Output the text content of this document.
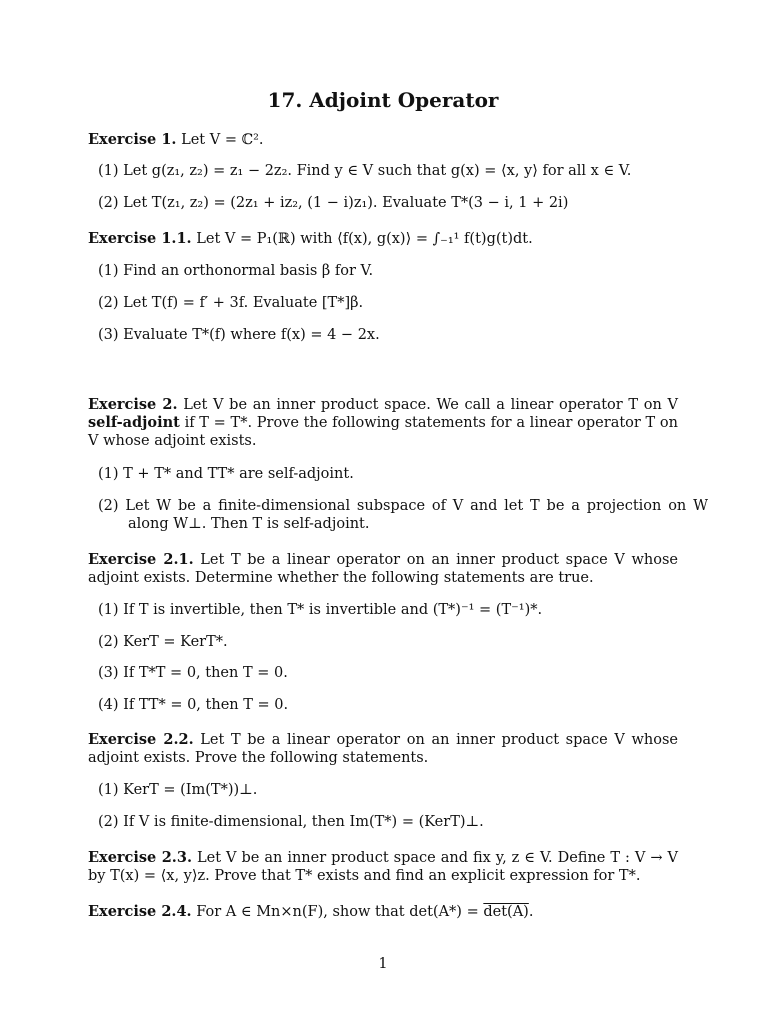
17. Adjoint Operator
Exercise 1. Let V = ℂ².
(1) Let g(z₁, z₂) = z₁ − 2z₂. Find y ∈ V such that g(x) = ⟨x, y⟩ for all x ∈ V.
(2) Let T(z₁, z₂) = (2z₁ + iz₂, (1 − i)z₁). Evaluate T*(3 − i, 1 + 2i)
Exercise 1.1. Let V = P₁(ℝ) with ⟨f(x), g(x)⟩ = ∫₋₁¹ f(t)g(t)dt.
(1) Find an orthonormal basis β for V.
(2) Let T(f) = f′ + 3f. Evaluate [T*]β.
(3) Evaluate T*(f) where f(x) = 4 − 2x.
Exercise 2. Let V be an inner product space. We call a linear operator T on V self-adjoint if T = T*. Prove the following statements for a linear operator T on V whose adjoint exists.
(1) T + T* and TT* are self-adjoint.
(2) Let W be a finite-dimensional subspace of V and let T be a projection on W along W⊥. Then T is self-adjoint.
Exercise 2.1. Let T be a linear operator on an inner product space V whose adjoint exists. Determine whether the following statements are true.
(1) If T is invertible, then T* is invertible and (T*)⁻¹ = (T⁻¹)*.
(2) KerT = KerT*.
(3) If T*T = 0, then T = 0.
(4) If TT* = 0, then T = 0.
Exercise 2.2. Let T be a linear operator on an inner product space V whose adjoint exists. Prove the following statements.
(1) KerT = (Im(T*))⊥.
(2) If V is finite-dimensional, then Im(T*) = (KerT)⊥.
Exercise 2.3. Let V be an inner product space and fix y, z ∈ V. Define T : V → V by T(x) = ⟨x, y⟩z. Prove that T* exists and find an explicit expression for T*.
Exercise 2.4. For A ∈ Mn×n(F), show that det(A*) = det(A).
1
